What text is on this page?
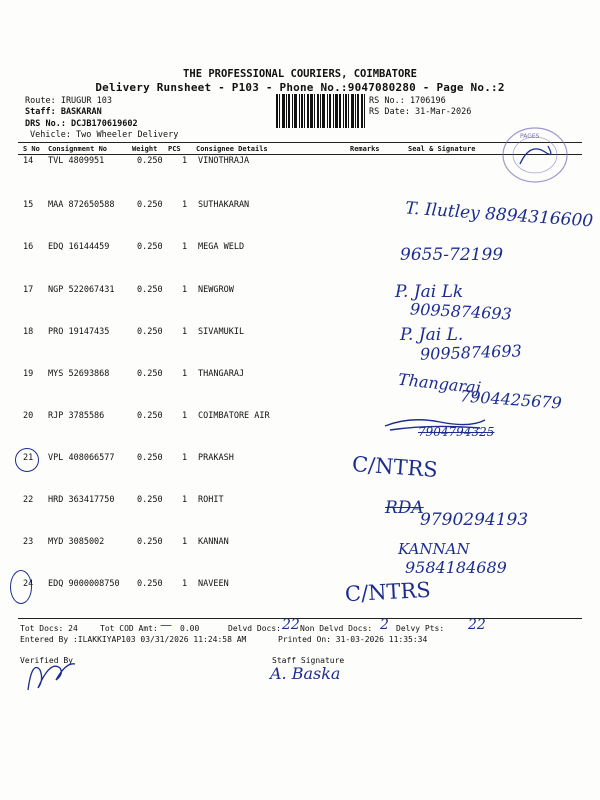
THE PROFESSIONAL COURIERS, COIMBATORE
Delivery Runsheet - P103 - Phone No.:9047080280 - Page No.:2
Route: IRUGUR 103
Staff: BASKARAN
DRS No.: DCJB170619602
Vehicle: Two Wheeler Delivery
RS No.: 1706196
RS Date: 31-Mar-2026
S No Consignment No	Weight PCS Consignee Details	Remarks	Seal & Signature
14 TVL 4809951	0.250 1 VINOTHRAJA
15 MAA 872650588	0.250 1 SUTHAKARAN
16 EDQ 16144459	0.250 1 MEGA WELD
17 NGP 522067431	0.250 1 NEWGROW
18 PRO 19147435	0.250 1 SIVAMUKIL
19 MYS 52693868	0.250 1 THANGARAJ
20 RJP 3785586	0.250 1 COIMBATORE AIR
21 VPL 408066577	0.250 1 PRAKASH
22 HRD 363417750	0.250 1 ROHIT
23 MYD 3085002	0.250 1 KANNAN
24 EDQ 9000008750 0.250 1 NAVEEN
PAGES
T. Ilutley 8894316600
9655-72199
P. Jai Lk
9095874693
P. Jai L.
9095874693
Thangaraj
7904425679
7904794325
C/NTRS
RDA
9790294193
KANNAN
9584184689
C/NTRS
Tot Docs: 24	Tot COD Amt: — 0.00	Delvd Docs: 22 Non Delvd Docs: 2 Delvy Pts: 22
Entered By :ILAKKIYAP103 03/31/2026 11:24:58 AM	Printed On: 31-03-2026 11:35:34
Verified By	Staff Signature
A. Baska
